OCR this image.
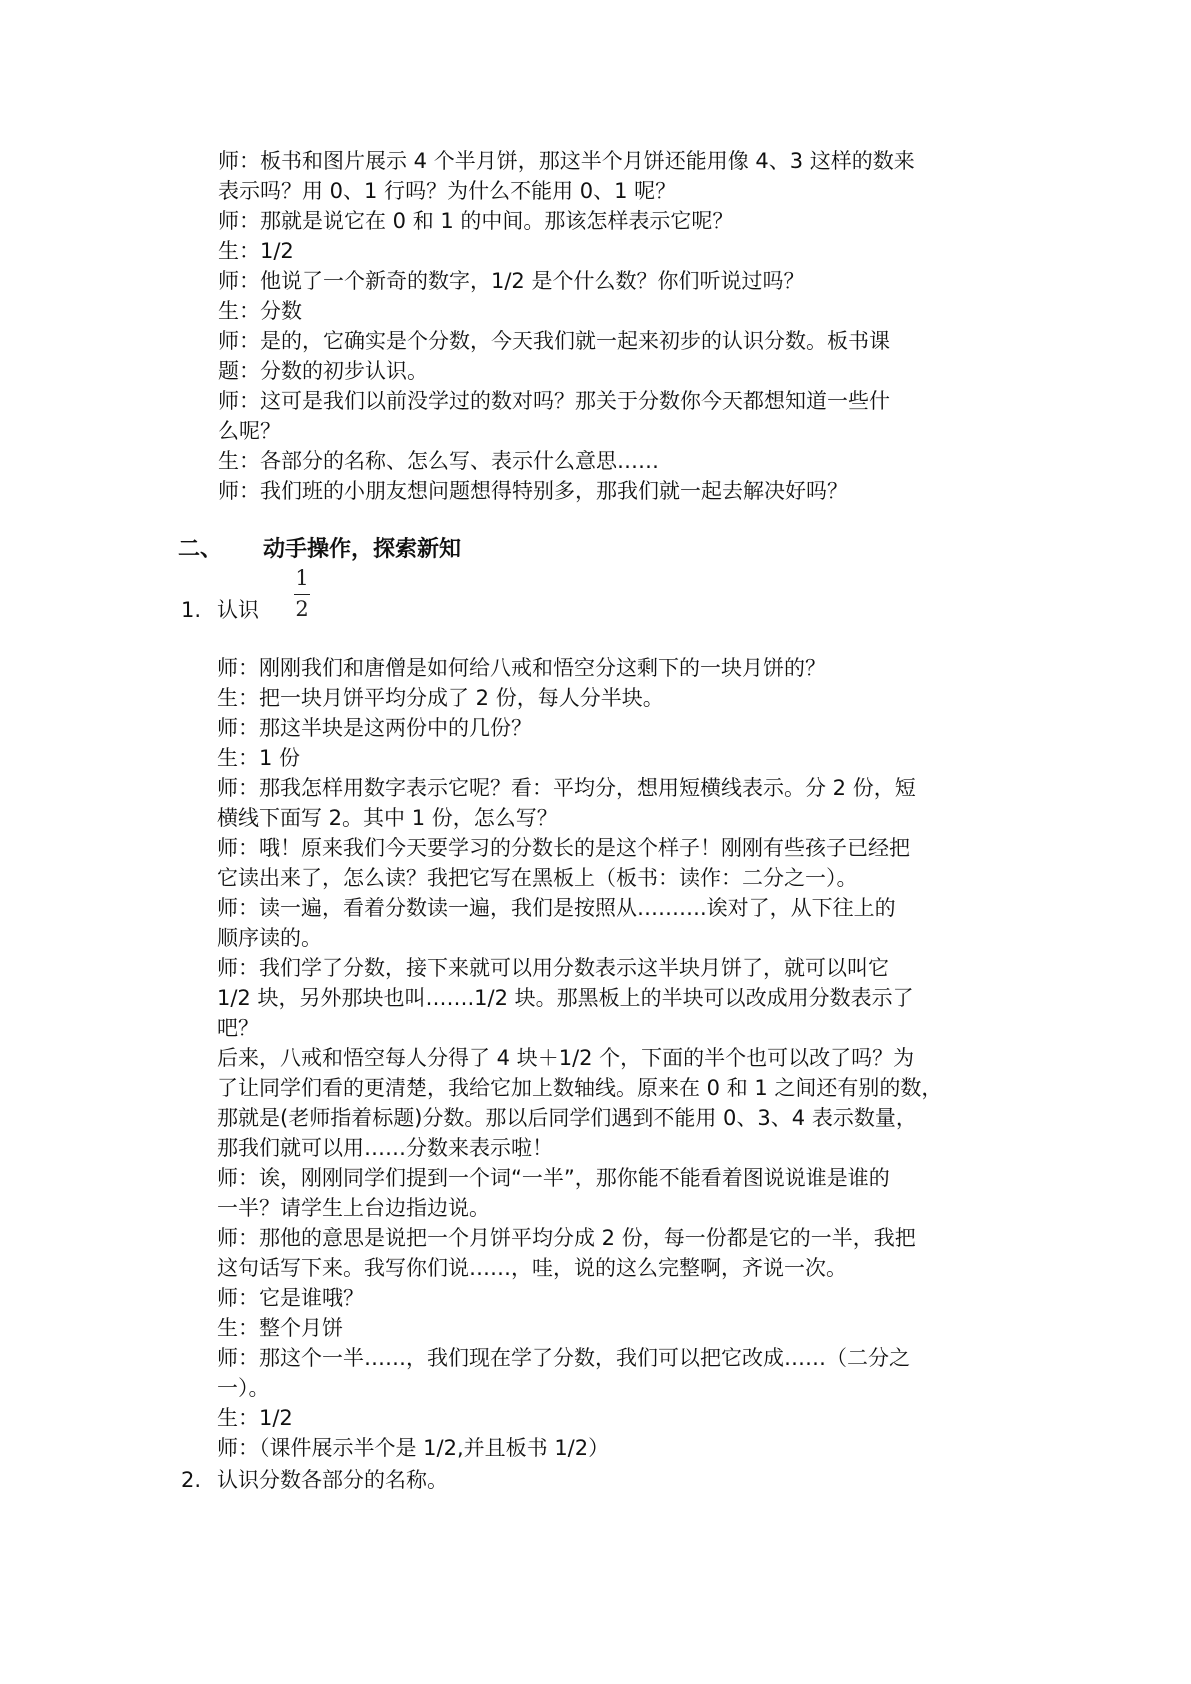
师：板书和图片展示 4 个半月饼，那这半个月饼还能用像 4、3 这样的数来
表示吗？用 0、1 行吗？为什么不能用 0、1 呢？
师：那就是说它在 0 和 1 的中间。那该怎样表示它呢？
生：1/2
师：他说了一个新奇的数字，1/2 是个什么数？你们听说过吗？
生：分数
师：是的，它确实是个分数，今天我们就一起来初步的认识分数。板书课
题：分数的初步认识。
师：这可是我们以前没学过的数对吗？那关于分数你今天都想知道一些什
么呢？
生：各部分的名称、怎么写、表示什么意思……
师：我们班的小朋友想问题想得特别多，那我们就一起去解决好吗？
二、 动手操作，探索新知
1. 认识
1
2
师：刚刚我们和唐僧是如何给八戒和悟空分这剩下的一块月饼的？
生：把一块月饼平均分成了 2 份，每人分半块。
师：那这半块是这两份中的几份？
生：1 份
师：那我怎样用数字表示它呢？看：平均分，想用短横线表示。分 2 份，短
横线下面写 2。其中 1 份，怎么写？
师：哦！原来我们今天要学习的分数长的是这个样子！刚刚有些孩子已经把
它读出来了，怎么读？我把它写在黑板上（板书：读作：二分之一）。
师：读一遍，看着分数读一遍，我们是按照从……….诶对了，从下往上的
顺序读的。
师：我们学了分数，接下来就可以用分数表示这半块月饼了，就可以叫它
1/2 块，另外那块也叫…….1/2 块。那黑板上的半块可以改成用分数表示了
吧？
后来，八戒和悟空每人分得了 4 块＋1/2 个，下面的半个也可以改了吗？为
了让同学们看的更清楚，我给它加上数轴线。原来在 0 和 1 之间还有别的数，
那就是(老师指着标题)分数。那以后同学们遇到不能用 0、3、4 表示数量，
那我们就可以用……分数来表示啦！
师：诶，刚刚同学们提到一个词“一半”，那你能不能看着图说说谁是谁的
一半？请学生上台边指边说。
师：那他的意思是说把一个月饼平均分成 2 份，每一份都是它的一半，我把
这句话写下来。我写你们说……，哇，说的这么完整啊，齐说一次。
师：它是谁哦？
生：整个月饼
师：那这个一半……，我们现在学了分数，我们可以把它改成……（二分之
一）。
生：1/2
师：（课件展示半个是 1/2,并且板书 1/2）
2. 认识分数各部分的名称。
